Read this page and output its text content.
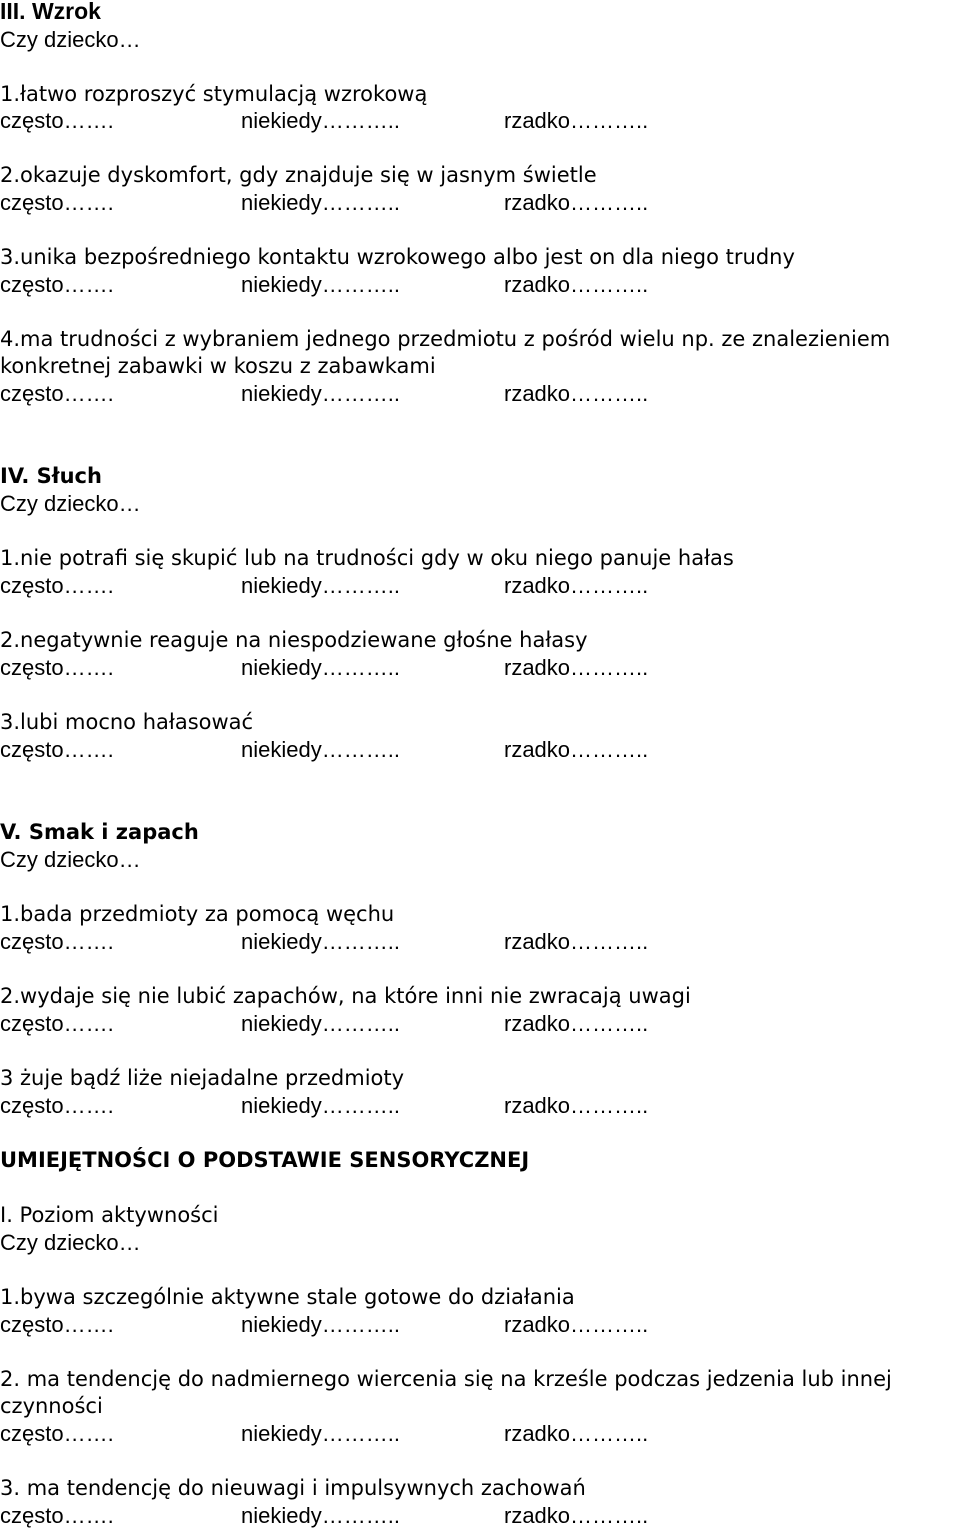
III. Wzrok
Czy dziecko…
1.łatwo rozproszyć stymulacją wzrokową
często…….	niekiedy………..	rzadko………..
2.okazuje dyskomfort, gdy znajduje się w jasnym świetle
często…….	niekiedy………..	rzadko………..
3.unika bezpośredniego kontaktu wzrokowego albo jest on dla niego trudny
często…….	niekiedy………..	rzadko………..
4.ma trudności z wybraniem jednego przedmiotu z pośród wielu np. ze znalezieniem
konkretnej zabawki w koszu z zabawkami
często…….	niekiedy………..	rzadko………..
IV. Słuch
Czy dziecko…
1.nie potrafi się skupić lub na trudności gdy w oku niego panuje hałas
często…….	niekiedy………..	rzadko………..
2.negatywnie reaguje na niespodziewane głośne hałasy
często…….	niekiedy………..	rzadko………..
3.lubi mocno hałasować
często…….	niekiedy………..	rzadko………..
V. Smak i zapach
Czy dziecko…
1.bada przedmioty za pomocą węchu
często…….	niekiedy………..	rzadko………..
2.wydaje się nie lubić zapachów, na które inni nie zwracają uwagi
często…….	niekiedy………..	rzadko………..
3 żuje bądź liże niejadalne przedmioty
często…….	niekiedy………..	rzadko………..
UMIEJĘTNOŚCI O PODSTAWIE SENSORYCZNEJ
I. Poziom aktywności
Czy dziecko…
1.bywa szczególnie aktywne stale gotowe do działania
często…….	niekiedy………..	rzadko………..
2. ma tendencję do nadmiernego wiercenia się na krześle podczas jedzenia lub innej
czynności
często…….	niekiedy………..	rzadko………..
3. ma tendencję do nieuwagi i impulsywnych zachowań
często…….	niekiedy………..	rzadko………..
